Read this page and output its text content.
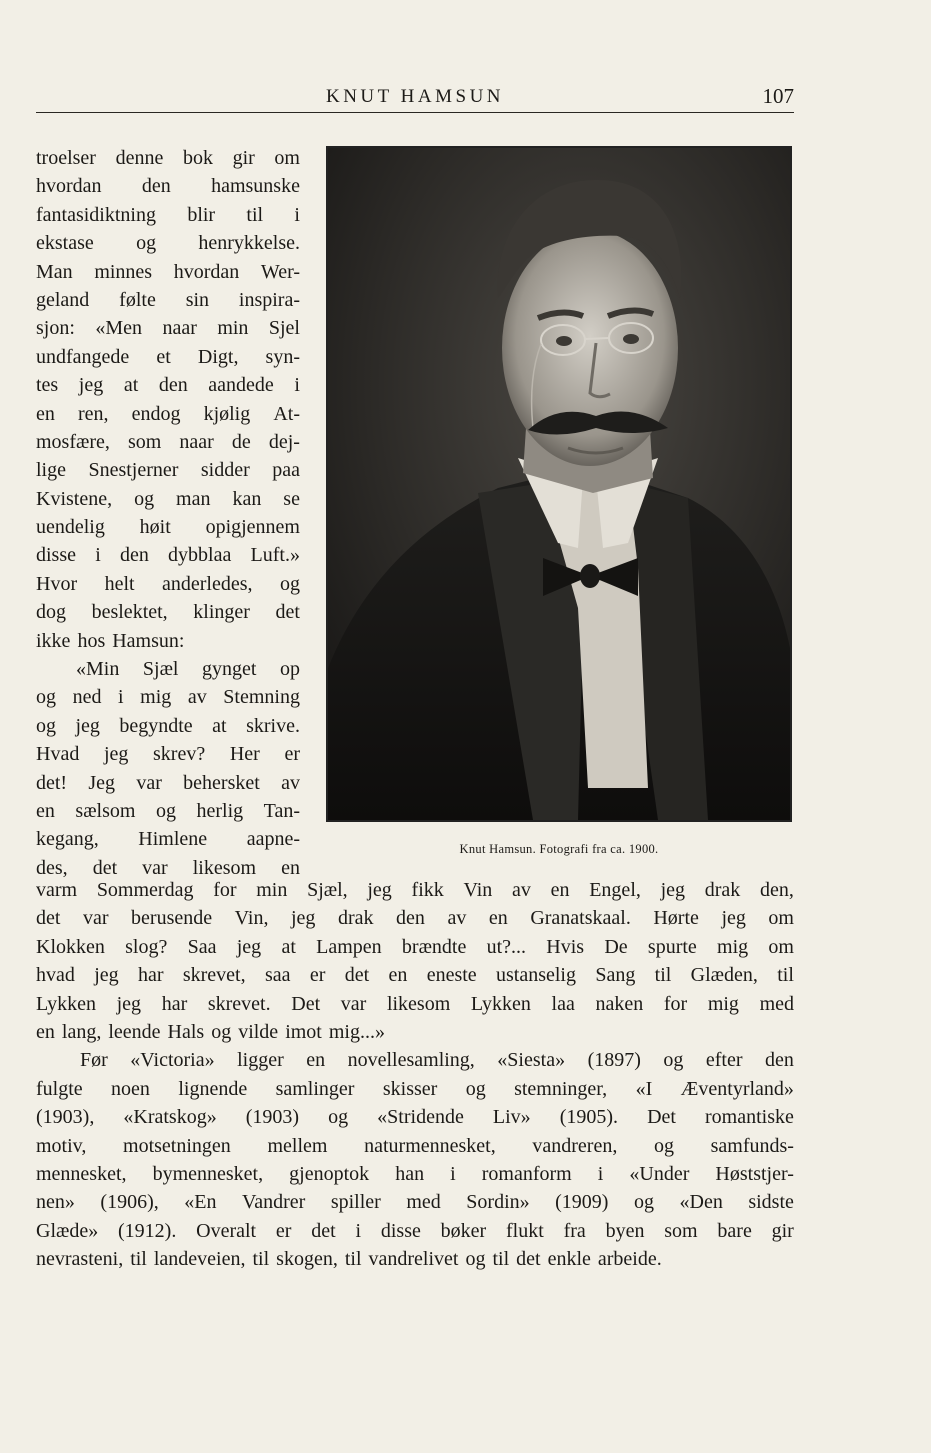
KNUT HAMSUN	107
troelser denne bok gir om
hvordan den hamsunske
fantasidiktning blir til i
ekstase og henrykkelse.
Man minnes hvordan Wer-
geland følte sin inspira-
sjon: «Men naar min Sjel
undfangede et Digt, syn-
tes jeg at den aandede i
en ren, endog kjølig At-
mosfære, som naar de dej-
lige Snestjerner sidder paa
Kvistene, og man kan se
uendelig høit opigjennem
disse i den dybblaa Luft.»
Hvor helt anderledes, og
dog beslektet, klinger det
ikke hos Hamsun:
«Min Sjæl gynget op
og ned i mig av Stemning
og jeg begyndte at skrive.
Hvad jeg skrev? Her er
det! Jeg var behersket av
en sælsom og herlig Tan-
kegang, Himlene aapne-
des, det var likesom en
Knut Hamsun. Fotografi fra ca. 1900.
varm Sommerdag for min Sjæl, jeg fikk Vin av en Engel, jeg drak den,
det var berusende Vin, jeg drak den av en Granatskaal. Hørte jeg om
Klokken slog? Saa jeg at Lampen brændte ut?... Hvis De spurte mig om
hvad jeg har skrevet, saa er det en eneste ustanselig Sang til Glæden, til
Lykken jeg har skrevet. Det var likesom Lykken laa naken for mig med
en lang, leende Hals og vilde imot mig...»
Før «Victoria» ligger en novellesamling, «Siesta» (1897) og efter den
fulgte noen lignende samlinger skisser og stemninger, «I Æventyrland»
(1903), «Kratskog» (1903) og «Stridende Liv» (1905). Det romantiske
motiv, motsetningen mellem naturmennesket, vandreren, og samfunds-
mennesket, bymennesket, gjenoptok han i romanform i «Under Høststjer-
nen» (1906), «En Vandrer spiller med Sordin» (1909) og «Den sidste
Glæde» (1912). Overalt er det i disse bøker flukt fra byen som bare gir
nevrasteni, til landeveien, til skogen, til vandrelivet og til det enkle arbeide.
